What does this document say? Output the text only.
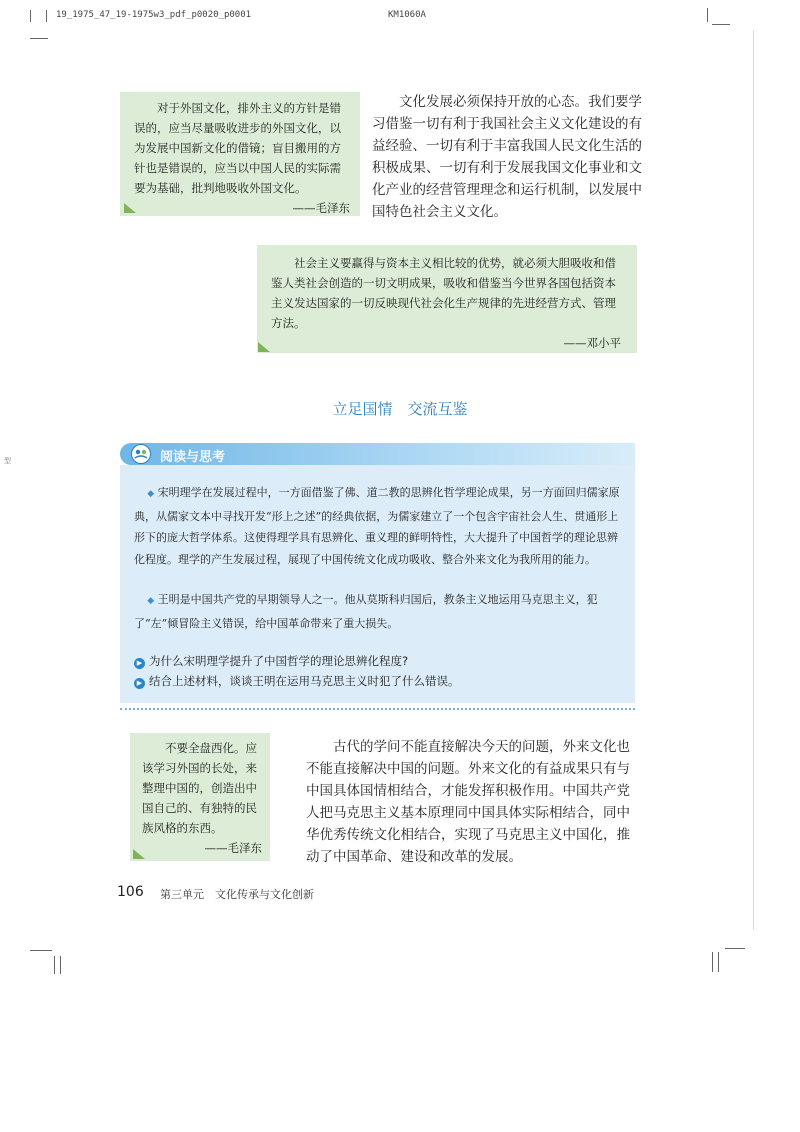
19_1975_47_19-1975w3_pdf_p0020_p0001	KM1060A
型

对于外国文化，排外主义的方针是错误的，应当尽量吸收进步的外国文化，以为发展中国新文化的借镜；盲目搬用的方针也是错误的，应当以中国人民的实际需要为基础，批判地吸收外国文化。

——毛泽东

文化发展必须保持开放的心态。我们要学习借鉴一切有利于我国社会主义文化建设的有益经验、一切有利于丰富我国人民文化生活的积极成果、一切有利于发展我国文化事业和文化产业的经营管理理念和运行机制，以发展中国特色社会主义文化。

社会主义要赢得与资本主义相比较的优势，就必须大胆吸收和借鉴人类社会创造的一切文明成果，吸收和借鉴当今世界各国包括资本主义发达国家的一切反映现代社会化生产规律的先进经营方式、管理方法。

——邓小平
立足国情　交流互鉴
阅读与思考

◆ 宋明理学在发展过程中，一方面借鉴了佛、道二教的思辨化哲学理论成果，另一方面回归儒家原典，从儒家文本中寻找开发“形上之述”的经典依据，为儒家建立了一个包含宇宙社会人生、贯通形上形下的庞大哲学体系。这使得理学具有思辨化、重义理的鲜明特性，大大提升了中国哲学的理论思辨化程度。理学的产生发展过程，展现了中国传统文化成功吸收、整合外来文化为我所用的能力。

◆ 王明是中国共产党的早期领导人之一。他从莫斯科归国后，教条主义地运用马克思主义，犯了“左”倾冒险主义错误，给中国革命带来了重大损失。

▶ 为什么宋明理学提升了中国哲学的理论思辨化程度?
▶ 结合上述材料，谈谈王明在运用马克思主义时犯了什么错误。

不要全盘西化。应该学习外国的长处，来整理中国的，创造出中国自己的、有独特的民族风格的东西。

——毛泽东

古代的学问不能直接解决今天的问题，外来文化也不能直接解决中国的问题。外来文化的有益成果只有与中国具体国情相结合，才能发挥积极作用。中国共产党人把马克思主义基本原理同中国具体实际相结合，同中华优秀传统文化相结合，实现了马克思主义中国化，推动了中国革命、建设和改革的发展。

106 第三单元　文化传承与文化创新
